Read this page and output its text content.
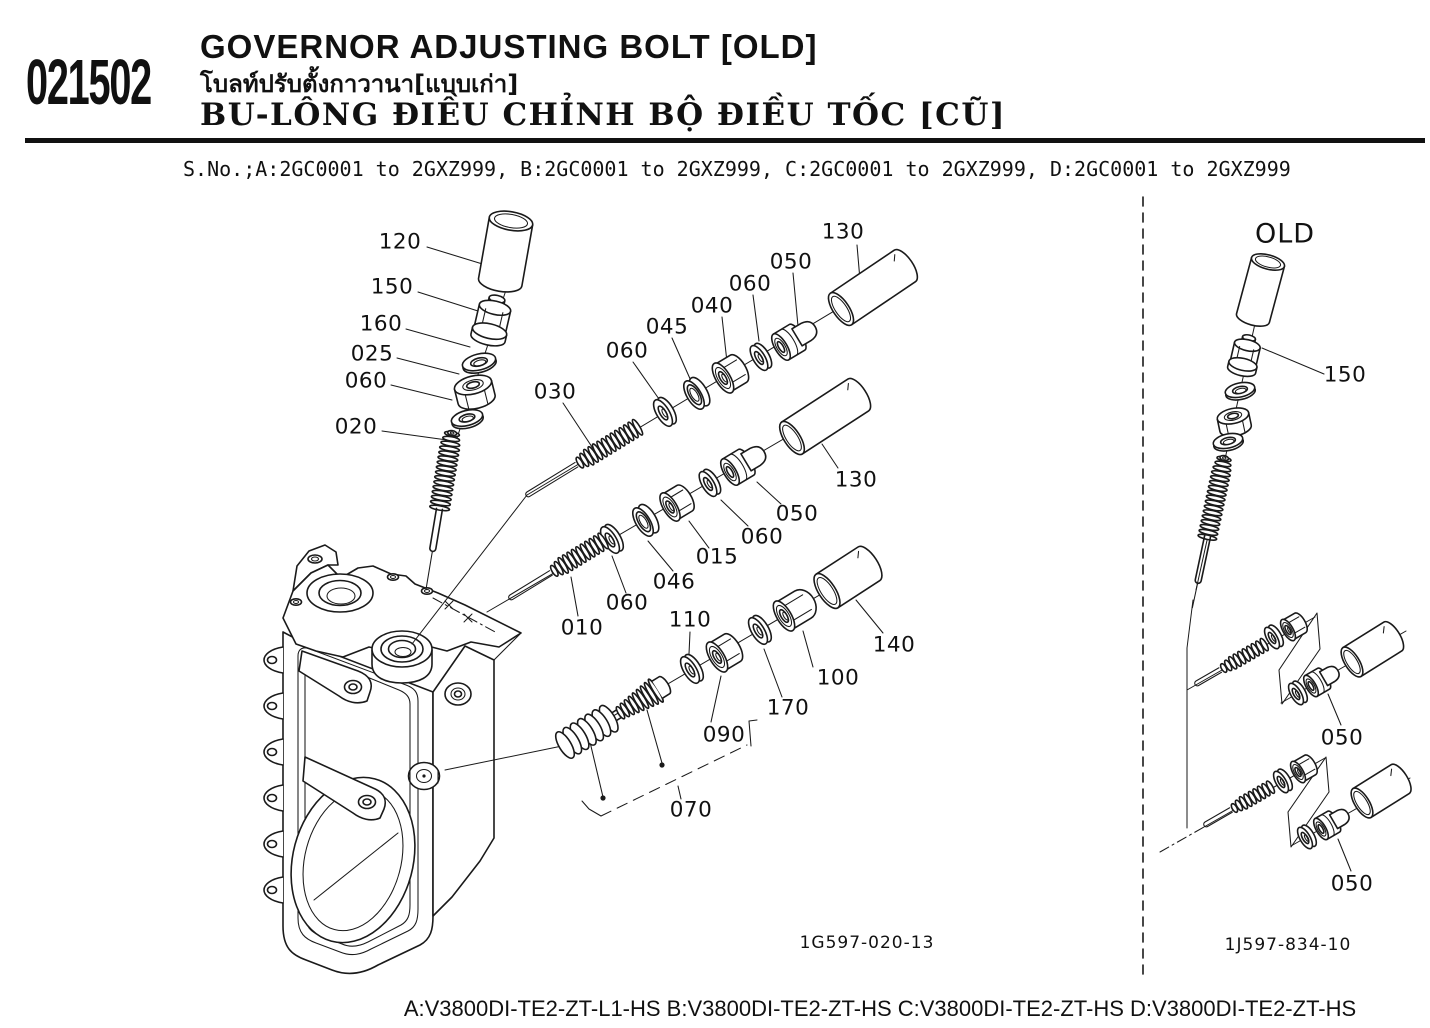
021502 GOVERNOR ADJUSTING BOLT [OLD]
โบลท์ปรับตั้งกาวานา[แบบเก่า]
BU-LÔNG ĐIỀU CHỈNH BỘ ĐIỀU TỐC [CŨ]
S.No.;A:2GC0001 to 2GXZ999, B:2GC0001 to 2GXZ999, C:2GC0001 to 2GXZ999, D:2GC0001 to 2GXZ999
A:V3800DI-TE2-ZT-L1-HS B:V3800DI-TE2-ZT-HS C:V3800DI-TE2-ZT-HS D:V3800DI-TE2-ZT-HS
120
150
160
025
060
020
030
060
045
040
060
050
130
130
050
060
015
046
060
010	110
100
170
090
140
070
150
050
050
OLD
1G597-020-13	1J597-834-10
